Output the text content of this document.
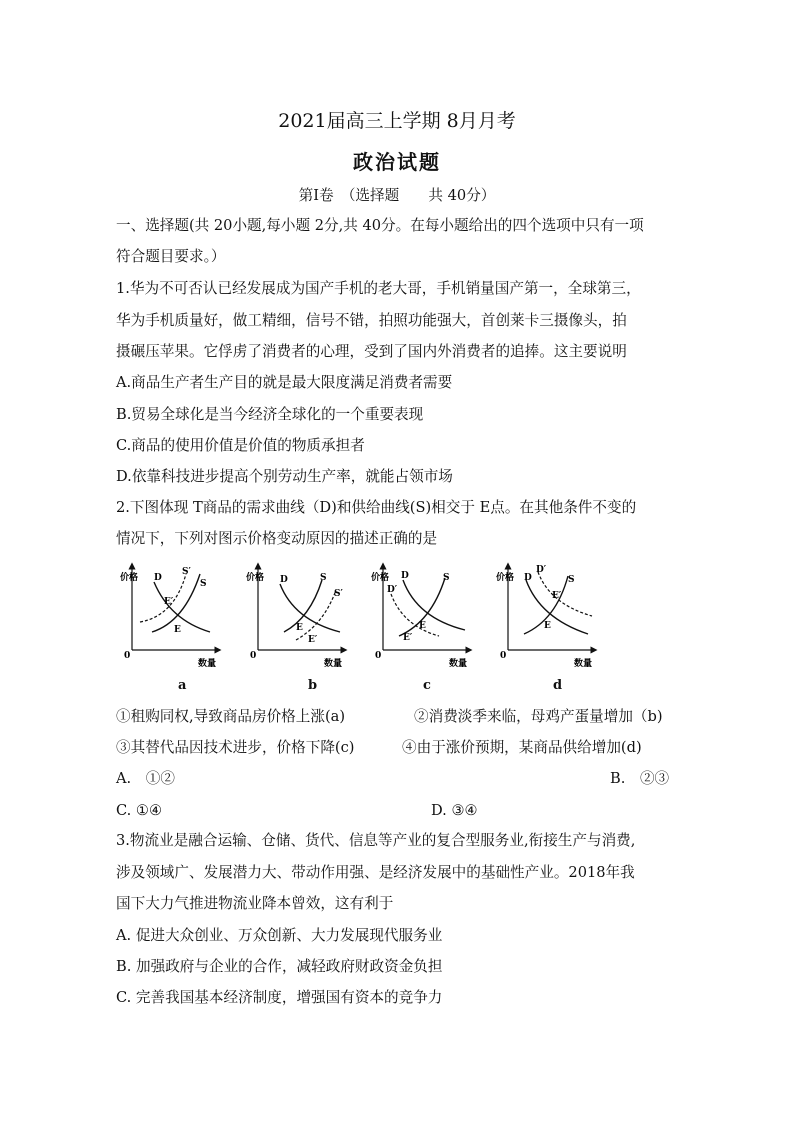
2021届高三上学期 8月月考
政治试题
第Ⅰ卷　（选择题　　共 40分）
一、选择题(共 20小题,每小题 2分,共 40分。在每小题给出的四个选项中只有一项
符合题目要求。）
1.华为不可否认已经发展成为国产手机的老大哥，手机销量国产第一，全球第三，
华为手机质量好，做工精细，信号不错，拍照功能强大，首创莱卡三摄像头，拍
摄碾压苹果。它俘虏了消费者的心理，受到了国内外消费者的追捧。这主要说明
A.商品生产者生产目的就是最大限度满足消费者需要
B.贸易全球化是当今经济全球化的一个重要表现
C.商品的使用价值是价值的物质承担者
D.依靠科技进步提高个别劳动生产率，就能占领市场
2.下图体现 T商品的需求曲线（D)和供给曲线(S)相交于 E点。在其他条件不变的
情况下，下列对图示价格变动原因的描述正确的是
价格
0
数量
D
S
S′
E′
E
价格
0
数量
D	S
S′
E
E′
价格
0
数量
D
D′
S
E
E′
价格
0
数量
D
D′
S
E′
E
a	b	c	d
①租购同权,导致商品房价格上涨(a)	②消费淡季来临，母鸡产蛋量增加（b)
③其替代品因技术进步，价格下降(c)	④由于涨价预期，某商品供给增加(d)
A.　①②	B.　②③
C. ①④	D. ③④
3.物流业是融合运输、仓储、货代、信息等产业的复合型服务业,衔接生产与消费,
涉及领域广、发展潜力大、带动作用强、是经济发展中的基础性产业。2018年我
国下大力气推进物流业降本曾效，这有利于
A. 促进大众创业、万众创新、大力发展现代服务业
B. 加强政府与企业的合作，减轻政府财政资金负担
C. 完善我国基本经济制度，增强国有资本的竞争力
